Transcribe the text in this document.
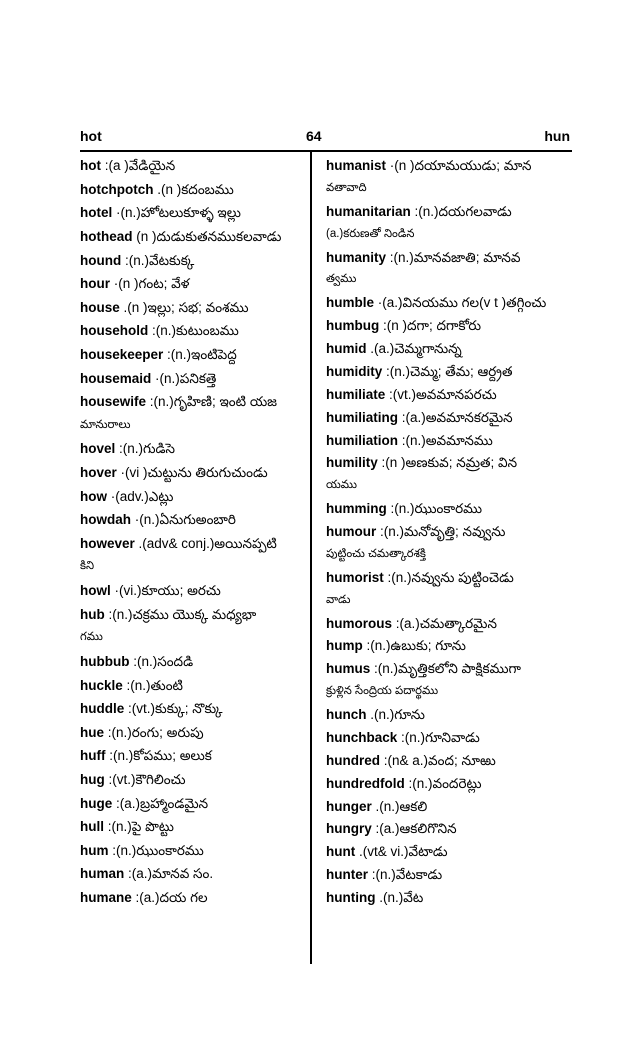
hot	64	hun
hot :(a )వేడియైన
hotchpotch .(n )కదంబము
hotel ·(n.)హోటలుకూళ్ళ ఇల్లు
hothead (n )దుడుకుతనముకలవాడు
hound :(n.)వేటకుక్క
hour ·(n )గంట; వేళ
house .(n )ఇల్లు; సభ; వంశము
household :(n.)కుటుంబము
housekeeper :(n.)ఇంటిపెద్ద
housemaid ·(n.)పనికత్తె
housewife :(n.)గృహిణి; ఇంటి యజ
మానురాలు
hovel :(n.)గుడిసె
hover ·(vi )చుట్టును తిరుగుచుండు
how ·(adv.)ఎట్లు
howdah ·(n.)ఏనుగుఅంబారి
however .(adv& conj.)అయినప్పటి
కిని
howl ·(vi.)కూయు; అరచు
hub :(n.)చక్రము యొక్క మధ్యభా
గము
hubbub :(n.)సందడి
huckle :(n.)తుంటి
huddle :(vt.)కుక్కు; నొక్కు
hue :(n.)రంగు; అరుపు
huff :(n.)కోపము; అలుక
hug :(vt.)కౌగిలించు
huge :(a.)బ్రహ్మాండమైన
hull :(n.)పై పొట్టు
hum :(n.)ఝుంకారము
human :(a.)మానవ సం.
humane :(a.)దయ గల
humanist ·(n )దయామయుడు; మాన
వతావాది
humanitarian :(n.)దయగలవాడు
(a.)కరుణతో నిండిన
humanity :(n.)మానవజాతి; మానవ
త్వము
humble ·(a.)వినయము గల(v t )తగ్గించు
humbug :(n )దగా; దగాకోరు
humid .(a.)చెమ్మగానున్న
humidity :(n.)చెమ్మ; తేమ; ఆర్ద్రత
humiliate :(vt.)అవమానపరచు
humiliating :(a.)అవమానకరమైన
humiliation :(n.)అవమానము
humility :(n )అణకువ; నమ్రత; విన
యము
humming :(n.)ఝుంకారము
humour :(n.)మనోవృత్తి; నవ్వును
పుట్టించు చమత్కారశక్తి
humorist :(n.)నవ్వును పుట్టించెడు
వాడు
humorous :(a.)చమత్కారమైన
hump :(n.)ఉబుకు; గూను
humus :(n.)మృత్తికలోని పాక్షికముగా
క్రుళ్లిన సేంద్రియ పదార్థము
hunch .(n.)గూను
hunchback :(n.)గూనివాడు
hundred :(n& a.)వంద; నూఱు
hundredfold :(n.)వందరెట్లు
hunger .(n.)ఆకలి
hungry :(a.)ఆకలిగొనిన
hunt .(vt& vi.)వేటాడు
hunter :(n.)వేటకాడు
hunting .(n.)వేట
